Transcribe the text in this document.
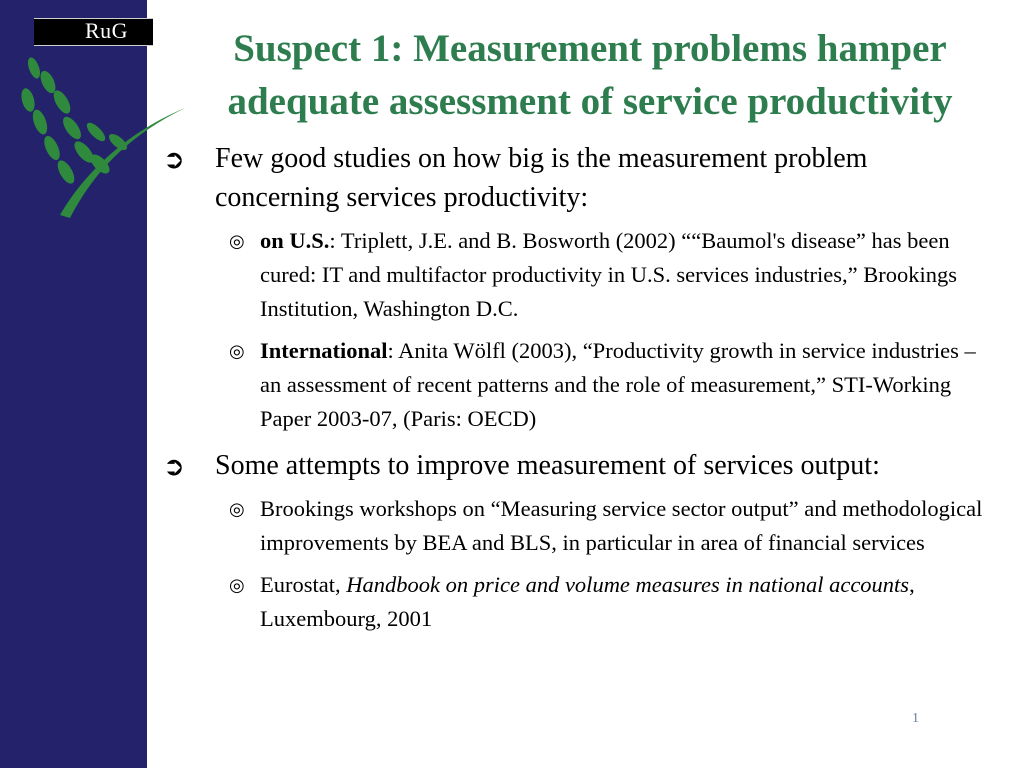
RuG	Suspect 1: Measurement problems hamper adequate assessment of service productivity
➲ Few good studies on how big is the measurement problem concerning services productivity:
◎ on U.S.: Triplett, J.E. and B. Bosworth (2002) ““Baumol's disease” has been cured: IT and multifactor productivity in U.S. services industries,” Brookings Institution, Washington D.C.
◎ International: Anita Wölfl (2003), “Productivity growth in service industries – an assessment of recent patterns and the role of measurement,” STI-Working Paper 2003-07, (Paris: OECD)
➲ Some attempts to improve measurement of services output:
◎ Brookings workshops on “Measuring service sector output” and methodological improvements by BEA and BLS, in particular in area of financial services
◎ Eurostat, Handbook on price and volume measures in national accounts, Luxembourg, 2001
1
